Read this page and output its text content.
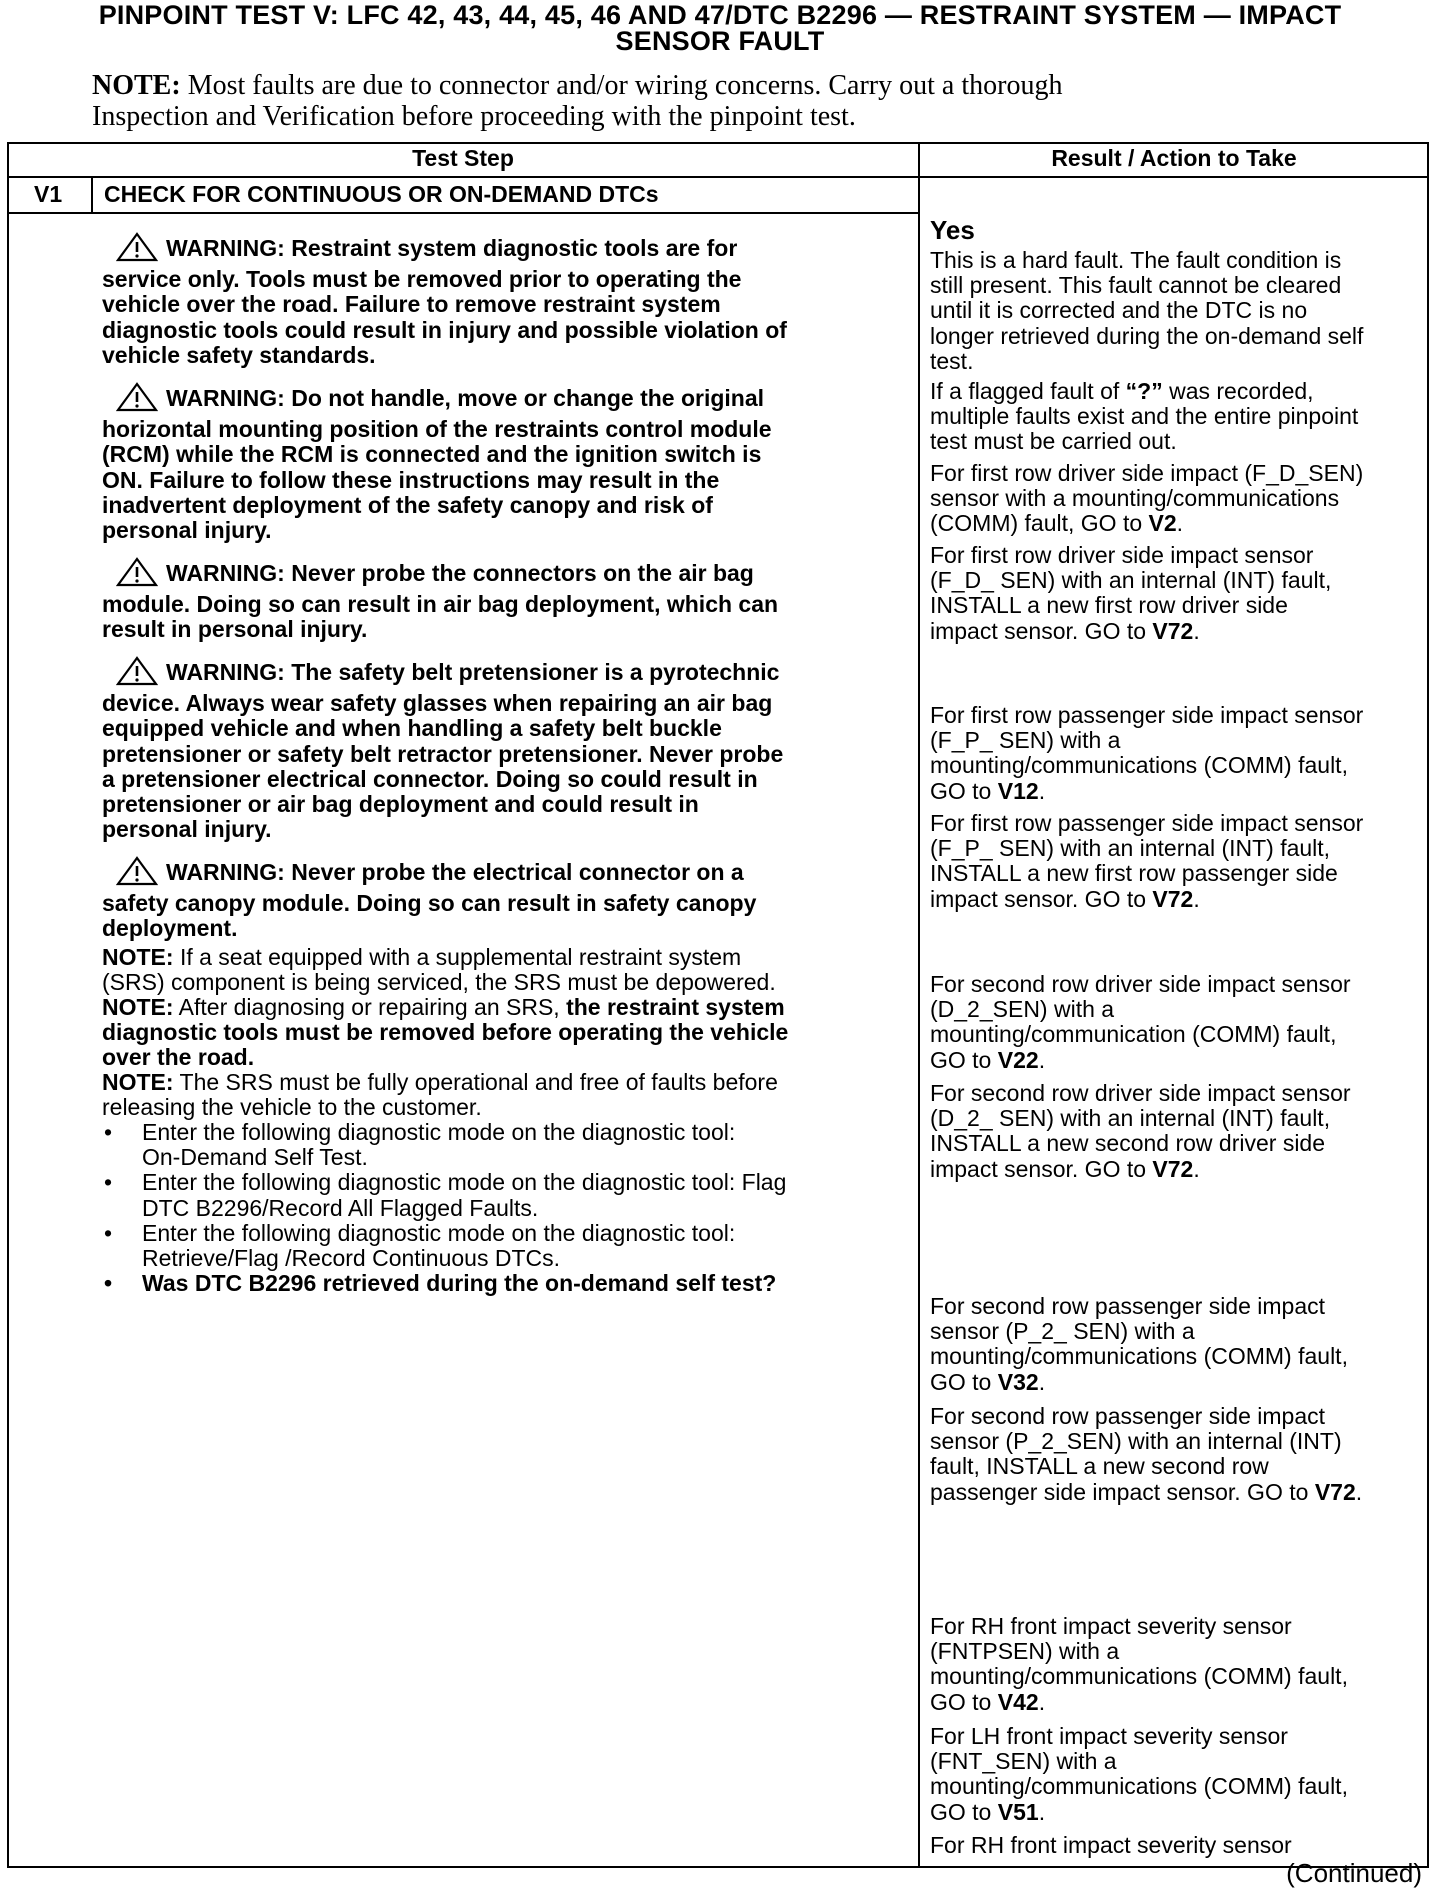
PINPOINT TEST V: LFC 42, 43, 44, 45, 46 AND 47/DTC B2296 — RESTRAINT SYSTEM — IMPACT
SENSOR FAULT
NOTE: Most faults are due to connector and/or wiring concerns. Carry out a thorough
Inspection and Verification before proceeding with the pinpoint test.
Test Step	Result / Action to Take
V1 CHECK FOR CONTINUOUS OR ON-DEMAND DTCs
WARNING: Restraint system diagnostic tools are for
service only. Tools must be removed prior to operating the
vehicle over the road. Failure to remove restraint system
diagnostic tools could result in injury and possible violation of
vehicle safety standards.
WARNING: Do not handle, move or change the original
horizontal mounting position of the restraints control module
(RCM) while the RCM is connected and the ignition switch is
ON. Failure to follow these instructions may result in the
inadvertent deployment of the safety canopy and risk of
personal injury.
WARNING: Never probe the connectors on the air bag
module. Doing so can result in air bag deployment, which can
result in personal injury.
WARNING: The safety belt pretensioner is a pyrotechnic
device. Always wear safety glasses when repairing an air bag
equipped vehicle and when handling a safety belt buckle
pretensioner or safety belt retractor pretensioner. Never probe
a pretensioner electrical connector. Doing so could result in
pretensioner or air bag deployment and could result in
personal injury.
WARNING: Never probe the electrical connector on a
safety canopy module. Doing so can result in safety canopy
deployment.
NOTE: If a seat equipped with a supplemental restraint system
(SRS) component is being serviced, the SRS must be depowered.
NOTE: After diagnosing or repairing an SRS, the restraint system
diagnostic tools must be removed before operating the vehicle
over the road.
NOTE: The SRS must be fully operational and free of faults before
releasing the vehicle to the customer.
• Enter the following diagnostic mode on the diagnostic tool:
On-Demand Self Test.
• Enter the following diagnostic mode on the diagnostic tool: Flag
DTC B2296/Record All Flagged Faults.
• Enter the following diagnostic mode on the diagnostic tool:
Retrieve/Flag /Record Continuous DTCs.
• Was DTC B2296 retrieved during the on-demand self test?
Yes
This is a hard fault. The fault condition is
still present. This fault cannot be cleared
until it is corrected and the DTC is no
longer retrieved during the on-demand self
test.
If a flagged fault of “?” was recorded,
multiple faults exist and the entire pinpoint
test must be carried out.
For first row driver side impact (F_D_SEN)
sensor with a mounting/communications
(COMM) fault, GO to V2.
For first row driver side impact sensor
(F_D_ SEN) with an internal (INT) fault,
INSTALL a new first row driver side
impact sensor. GO to V72.
For first row passenger side impact sensor
(F_P_ SEN) with a
mounting/communications (COMM) fault,
GO to V12.
For first row passenger side impact sensor
(F_P_ SEN) with an internal (INT) fault,
INSTALL a new first row passenger side
impact sensor. GO to V72.
For second row driver side impact sensor
(D_2_SEN) with a
mounting/communication (COMM) fault,
GO to V22.
For second row driver side impact sensor
(D_2_ SEN) with an internal (INT) fault,
INSTALL a new second row driver side
impact sensor. GO to V72.
For second row passenger side impact
sensor (P_2_ SEN) with a
mounting/communications (COMM) fault,
GO to V32.
For second row passenger side impact
sensor (P_2_SEN) with an internal (INT)
fault, INSTALL a new second row
passenger side impact sensor. GO to V72.
For RH front impact severity sensor
(FNTPSEN) with a
mounting/communications (COMM) fault,
GO to V42.
For LH front impact severity sensor
(FNT_SEN) with a
mounting/communications (COMM) fault,
GO to V51.
For RH front impact severity sensor
(Continued)
